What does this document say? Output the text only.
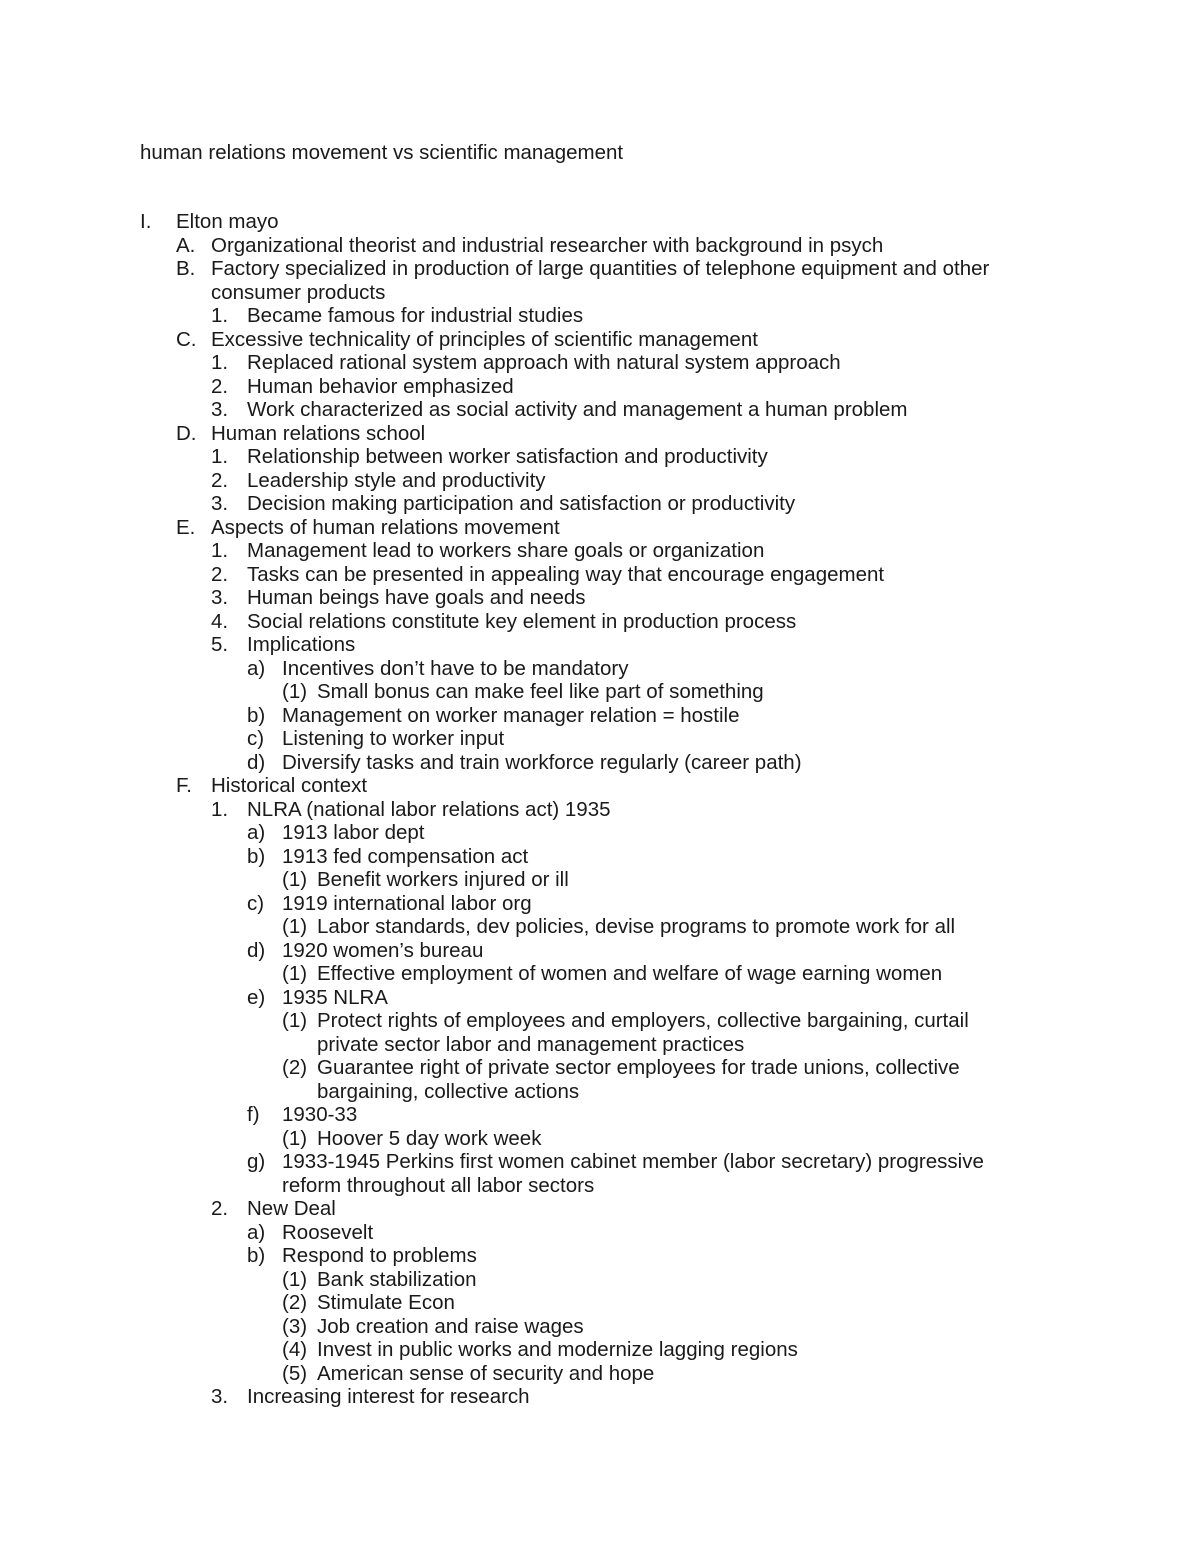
human relations movement vs scientific management
I.	Elton mayo
A. Organizational theorist and industrial researcher with background in psych
B. Factory specialized in production of large quantities of telephone equipment and other consumer products
1. Became famous for industrial studies
C. Excessive technicality of principles of scientific management
1. Replaced rational system approach with natural system approach
2. Human behavior emphasized
3. Work characterized as social activity and management a human problem
D. Human relations school
1. Relationship between worker satisfaction and productivity
2. Leadership style and productivity
3. Decision making participation and satisfaction or productivity
E. Aspects of human relations movement
1. Management lead to workers share goals or organization
2. Tasks can be presented in appealing way that encourage engagement
3. Human beings have goals and needs
4. Social relations constitute key element in production process
5. Implications
a) Incentives don’t have to be mandatory
(1) Small bonus can make feel like part of something
b) Management on worker manager relation = hostile
c) Listening to worker input
d) Diversify tasks and train workforce regularly (career path)
F. Historical context
1. NLRA (national labor relations act) 1935
a) 1913 labor dept
b) 1913 fed compensation act
(1) Benefit workers injured or ill
c) 1919 international labor org
(1) Labor standards, dev policies, devise programs to promote work for all
d) 1920 women’s bureau
(1) Effective employment of women and welfare of wage earning women
e) 1935 NLRA
(1) Protect rights of employees and employers, collective bargaining, curtail private sector labor and management practices
(2) Guarantee right of private sector employees for trade unions, collective bargaining, collective actions
f)	1930-33
(1) Hoover 5 day work week
g) 1933-1945 Perkins first women cabinet member (labor secretary) progressive reform throughout all labor sectors
2. New Deal
a) Roosevelt
b) Respond to problems
(1) Bank stabilization
(2) Stimulate Econ
(3) Job creation and raise wages
(4) Invest in public works and modernize lagging regions
(5) American sense of security and hope
3. Increasing interest for research
